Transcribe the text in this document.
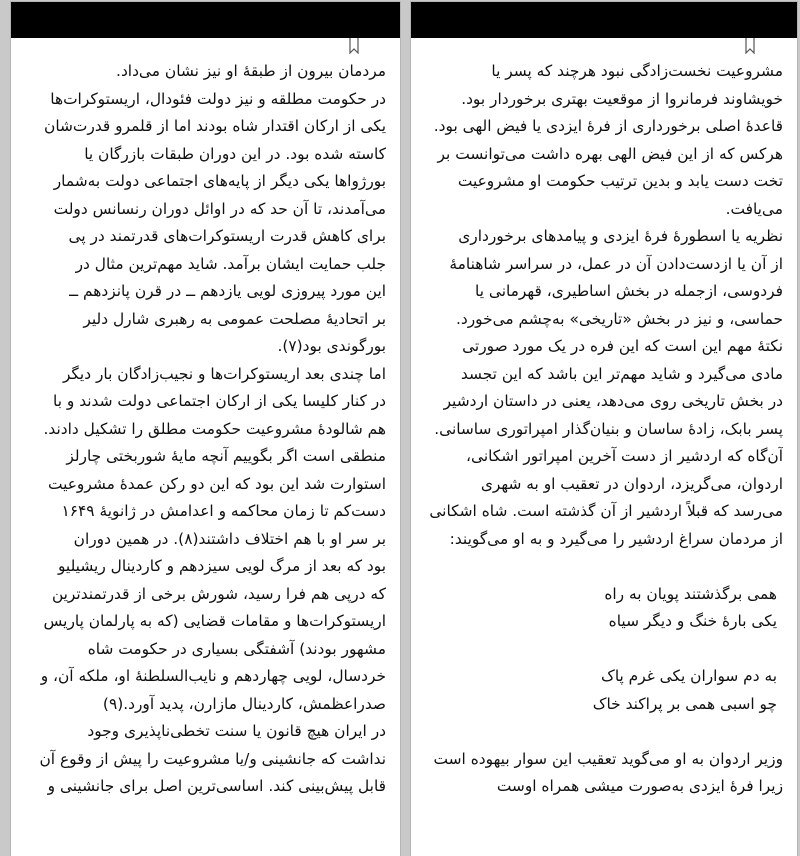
مردمان بیرون از طبقهٔ او نیز نشان می‌داد.
در حکومت مطلقه و نیز دولت فئودال، اریستوکرات‌ها
یکی از ارکان اقتدار شاه بودند اما از قلمرو قدرت‌شان
کاسته شده بود. در این دوران طبقات بازرگان یا
بورژواها یکی دیگر از پایه‌های اجتماعی دولت به‌شمار
می‌آمدند، تا آن حد که در اوائل دوران رنسانس دولت
برای کاهش قدرت اریستوکرات‌های قدرتمند در پی
جلب حمایت ایشان برآمد. شاید مهم‌ترین مثال در
این مورد پیروزی لویی یازدهم ــ در قرن پانزدهم ــ
بر اتحادیهٔ مصلحت عمومی به رهبری شارل دلیر
بورگوندی بود(۷).
اما چندی بعد اریستوکرات‌ها و نجیب‌زادگان بار دیگر
در کنار کلیسا یکی از ارکان اجتماعی دولت شدند و با
هم شالودهٔ مشروعیت حکومت مطلق را تشکیل دادند.
منطقی است اگر بگوییم آنچه مایهٔ شوربختی چارلز
استوارت شد این بود که این دو رکن عمدهٔ مشروعیت
دست‌کم تا زمان محاکمه و اعدامش در ژانویهٔ ۱۶۴۹
بر سر او با هم اختلاف داشتند(۸). در همین دوران
بود که بعد از مرگ لویی سیزدهم و کاردینال ریشیلیو
که درپی هم فرا رسید، شورش برخی از قدرتمندترین
اریستوکرات‌ها و مقامات قضایی (که به پارلمان پاریس
مشهور بودند) آشفتگی بسیاری در حکومت شاه
خردسال، لویی چهاردهم و نایب‌السلطنهٔ او، ملکه آن، و
صدراعظمش، کاردینال مازارن، پدید آورد.(۹)
در ایران هیچ قانون یا سنت تخطی‌ناپذیری وجود
نداشت که جانشینی و/یا مشروعیت را پیش از وقوع آن
قابل پیش‌بینی کند. اساسی‌ترین اصل برای جانشینی و
مشروعیت نخست‌زادگی نبود هرچند که پسر یا
خویشاوند فرمانروا از موقعیت بهتری برخوردار بود.
قاعدهٔ اصلی برخورداری از فرهٔ ایزدی یا فیض الهی بود.
هرکس که از این فیض الهی بهره داشت می‌توانست بر
تخت دست یابد و بدین ترتیب حکومت او مشروعیت
می‌یافت.
نظریه یا اسطورهٔ فرهٔ ایزدی و پیامدهای برخورداری
از آن یا ازدست‌دادن آن در عمل، در سراسر شاهنامهٔ
فردوسی، ازجمله در بخش اساطیری، قهرمانی یا
حماسی، و نیز در بخش «تاریخی» به‌چشم می‌خورد.
نکتهٔ مهم این است که این فره در یک مورد صورتی
مادی می‌گیرد و شاید مهم‌تر این باشد که این تجسد
در بخش تاریخی روی می‌دهد، یعنی در داستان اردشیر
پسر بابک، زادهٔ ساسان و بنیان‌گذار امپراتوری ساسانی.
آن‌گاه که اردشیر از دست آخرین امپراتور اشکانی،
اردوان، می‌گریزد، اردوان در تعقیب او به شهری
می‌رسد که قبلاً اردشیر از آن گذشته است. شاه اشکانی
از مردمان سراغ اردشیر را می‌گیرد و به او می‌گویند:
همی برگذشتند پویان به راه
یکی بارهٔ خنگ و دیگر سیاه
به دم سواران یکی غرم پاک
چو اسبی همی بر پراکند خاک
وزیر اردوان به او می‌گوید تعقیب این سوار بیهوده است
زیرا فرهٔ ایزدی به‌صورت میشی همراه اوست
